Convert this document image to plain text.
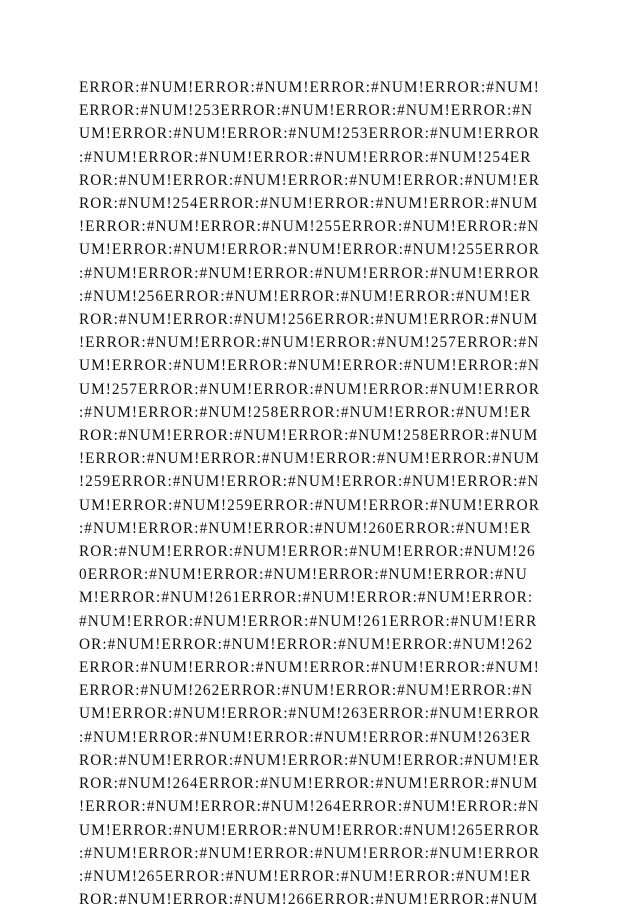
ERROR:#NUM!ERROR:#NUM!ERROR:#NUM!ERROR:#NUM!
ERROR:#NUM!253ERROR:#NUM!ERROR:#NUM!ERROR:#N
UM!ERROR:#NUM!ERROR:#NUM!253ERROR:#NUM!ERROR
:#NUM!ERROR:#NUM!ERROR:#NUM!ERROR:#NUM!254ER
ROR:#NUM!ERROR:#NUM!ERROR:#NUM!ERROR:#NUM!ER
ROR:#NUM!254ERROR:#NUM!ERROR:#NUM!ERROR:#NUM
!ERROR:#NUM!ERROR:#NUM!255ERROR:#NUM!ERROR:#N
UM!ERROR:#NUM!ERROR:#NUM!ERROR:#NUM!255ERROR
:#NUM!ERROR:#NUM!ERROR:#NUM!ERROR:#NUM!ERROR
:#NUM!256ERROR:#NUM!ERROR:#NUM!ERROR:#NUM!ER
ROR:#NUM!ERROR:#NUM!256ERROR:#NUM!ERROR:#NUM
!ERROR:#NUM!ERROR:#NUM!ERROR:#NUM!257ERROR:#N
UM!ERROR:#NUM!ERROR:#NUM!ERROR:#NUM!ERROR:#N
UM!257ERROR:#NUM!ERROR:#NUM!ERROR:#NUM!ERROR
:#NUM!ERROR:#NUM!258ERROR:#NUM!ERROR:#NUM!ER
ROR:#NUM!ERROR:#NUM!ERROR:#NUM!258ERROR:#NUM
!ERROR:#NUM!ERROR:#NUM!ERROR:#NUM!ERROR:#NUM
!259ERROR:#NUM!ERROR:#NUM!ERROR:#NUM!ERROR:#N
UM!ERROR:#NUM!259ERROR:#NUM!ERROR:#NUM!ERROR
:#NUM!ERROR:#NUM!ERROR:#NUM!260ERROR:#NUM!ER
ROR:#NUM!ERROR:#NUM!ERROR:#NUM!ERROR:#NUM!26
0ERROR:#NUM!ERROR:#NUM!ERROR:#NUM!ERROR:#NU
M!ERROR:#NUM!261ERROR:#NUM!ERROR:#NUM!ERROR:
#NUM!ERROR:#NUM!ERROR:#NUM!261ERROR:#NUM!ERR
OR:#NUM!ERROR:#NUM!ERROR:#NUM!ERROR:#NUM!262
ERROR:#NUM!ERROR:#NUM!ERROR:#NUM!ERROR:#NUM!
ERROR:#NUM!262ERROR:#NUM!ERROR:#NUM!ERROR:#N
UM!ERROR:#NUM!ERROR:#NUM!263ERROR:#NUM!ERROR
:#NUM!ERROR:#NUM!ERROR:#NUM!ERROR:#NUM!263ER
ROR:#NUM!ERROR:#NUM!ERROR:#NUM!ERROR:#NUM!ER
ROR:#NUM!264ERROR:#NUM!ERROR:#NUM!ERROR:#NUM
!ERROR:#NUM!ERROR:#NUM!264ERROR:#NUM!ERROR:#N
UM!ERROR:#NUM!ERROR:#NUM!ERROR:#NUM!265ERROR
:#NUM!ERROR:#NUM!ERROR:#NUM!ERROR:#NUM!ERROR
:#NUM!265ERROR:#NUM!ERROR:#NUM!ERROR:#NUM!ER
ROR:#NUM!ERROR:#NUM!266ERROR:#NUM!ERROR:#NUM
